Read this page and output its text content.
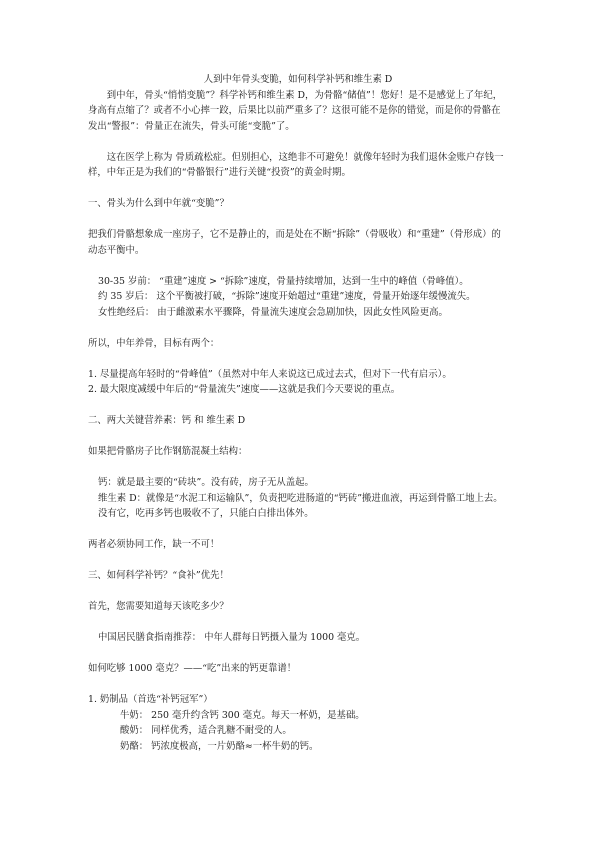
人到中年骨头变脆，如何科学补钙和维生素 D

到中年，骨头“悄悄变脆”？科学补钙和维生素 D，为骨骼“储值”！您好！是不是感觉上了年纪，身高有点缩了？或者不小心摔一跤，后果比以前严重多了？这很可能不是你的错觉，而是你的骨骼在发出“警报”：骨量正在流失，骨头可能“变脆”了。

这在医学上称为 骨质疏松症。但别担心，这绝非不可避免！就像年轻时为我们退休金账户存钱一样，中年正是为我们的“骨骼银行”进行关键“投资”的黄金时期。

一、骨头为什么到中年就“变脆”？

把我们骨骼想象成一座房子，它不是静止的，而是处在不断“拆除”（骨吸收）和“重建”（骨形成）的动态平衡中。

30-35 岁前： “重建”速度 > “拆除”速度，骨量持续增加，达到一生中的峰值（骨峰值）。

约 35 岁后： 这个平衡被打破，“拆除”速度开始超过“重建”速度，骨量开始逐年缓慢流失。

女性绝经后： 由于雌激素水平骤降，骨量流失速度会急剧加快，因此女性风险更高。

所以，中年养骨，目标有两个：

1. 尽量提高年轻时的“骨峰值”（虽然对中年人来说这已成过去式，但对下一代有启示）。

2. 最大限度减缓中年后的“骨量流失”速度——这就是我们今天要说的重点。

二、两大关键营养素：钙 和 维生素 D

如果把骨骼房子比作钢筋混凝土结构：

钙：就是最主要的“砖块”。没有砖，房子无从盖起。

维生素 D：就像是“水泥工和运输队”，负责把吃进肠道的“钙砖”搬进血液，再运到骨骼工地上去。没有它，吃再多钙也吸收不了，只能白白排出体外。

两者必须协同工作，缺一不可！

三、如何科学补钙？“食补”优先！

首先，您需要知道每天该吃多少？

中国居民膳食指南推荐： 中年人群每日钙摄入量为 1000 毫克。

如何吃够 1000 毫克？——“吃”出来的钙更靠谱！

1. 奶制品（首选“补钙冠军”）

牛奶： 250 毫升约含钙 300 毫克。每天一杯奶，是基础。

酸奶： 同样优秀，适合乳糖不耐受的人。

奶酪： 钙浓度极高，一片奶酪≈一杯牛奶的钙。
